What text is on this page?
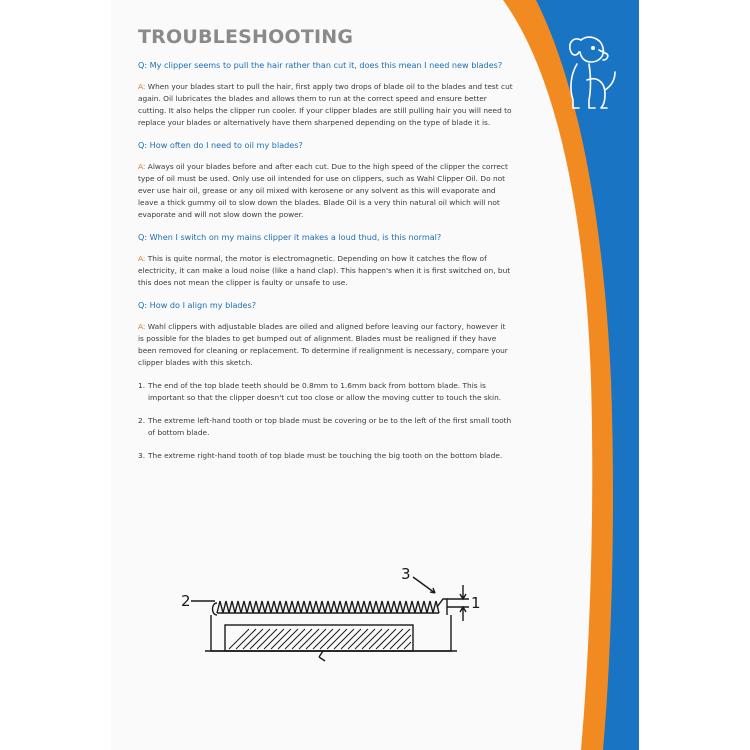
TROUBLESHOOTING
Q: My clipper seems to pull the hair rather than cut it, does this mean I need new blades?
A: When your blades start to pull the hair, first apply two drops of blade oil to the blades and test cut again. Oil lubricates the blades and allows them to run at the correct speed and ensure better cutting. It also helps the clipper run cooler. If your clipper blades are still pulling hair you will need to replace your blades or alternatively have them sharpened depending on the type of blade it is.
Q: How often do I need to oil my blades?
A: Always oil your blades before and after each cut. Due to the high speed of the clipper the correct type of oil must be used. Only use oil intended for use on clippers, such as Wahl Clipper Oil. Do not ever use hair oil, grease or any oil mixed with kerosene or any solvent as this will evaporate and leave a thick gummy oil to slow down the blades. Blade Oil is a very thin natural oil which will not evaporate and will not slow down the power.
Q: When I switch on my mains clipper it makes a loud thud, is this normal?
A: This is quite normal, the motor is electromagnetic. Depending on how it catches the flow of electricity, it can make a loud noise (like a hand clap). This happen's when it is first switched on, but this does not mean the clipper is faulty or unsafe to use.
Q: How do I align my blades?
A: Wahl clippers with adjustable blades are oiled and aligned before leaving our factory, however it is possible for the blades to get bumped out of alignment. Blades must be realigned if they have been removed for cleaning or replacement. To determine if realignment is necessary, compare your clipper blades with this sketch.
1. The end of the top blade teeth should be 0.8mm to 1.6mm back from bottom blade. This is important so that the clipper doesn't cut too close or allow the moving cutter to touch the skin.
2. The extreme left-hand tooth or top blade must be covering or be to the left of the first small tooth of bottom blade.
3. The extreme right-hand tooth of top blade must be touching the big tooth on the bottom blade.
2
3
1
